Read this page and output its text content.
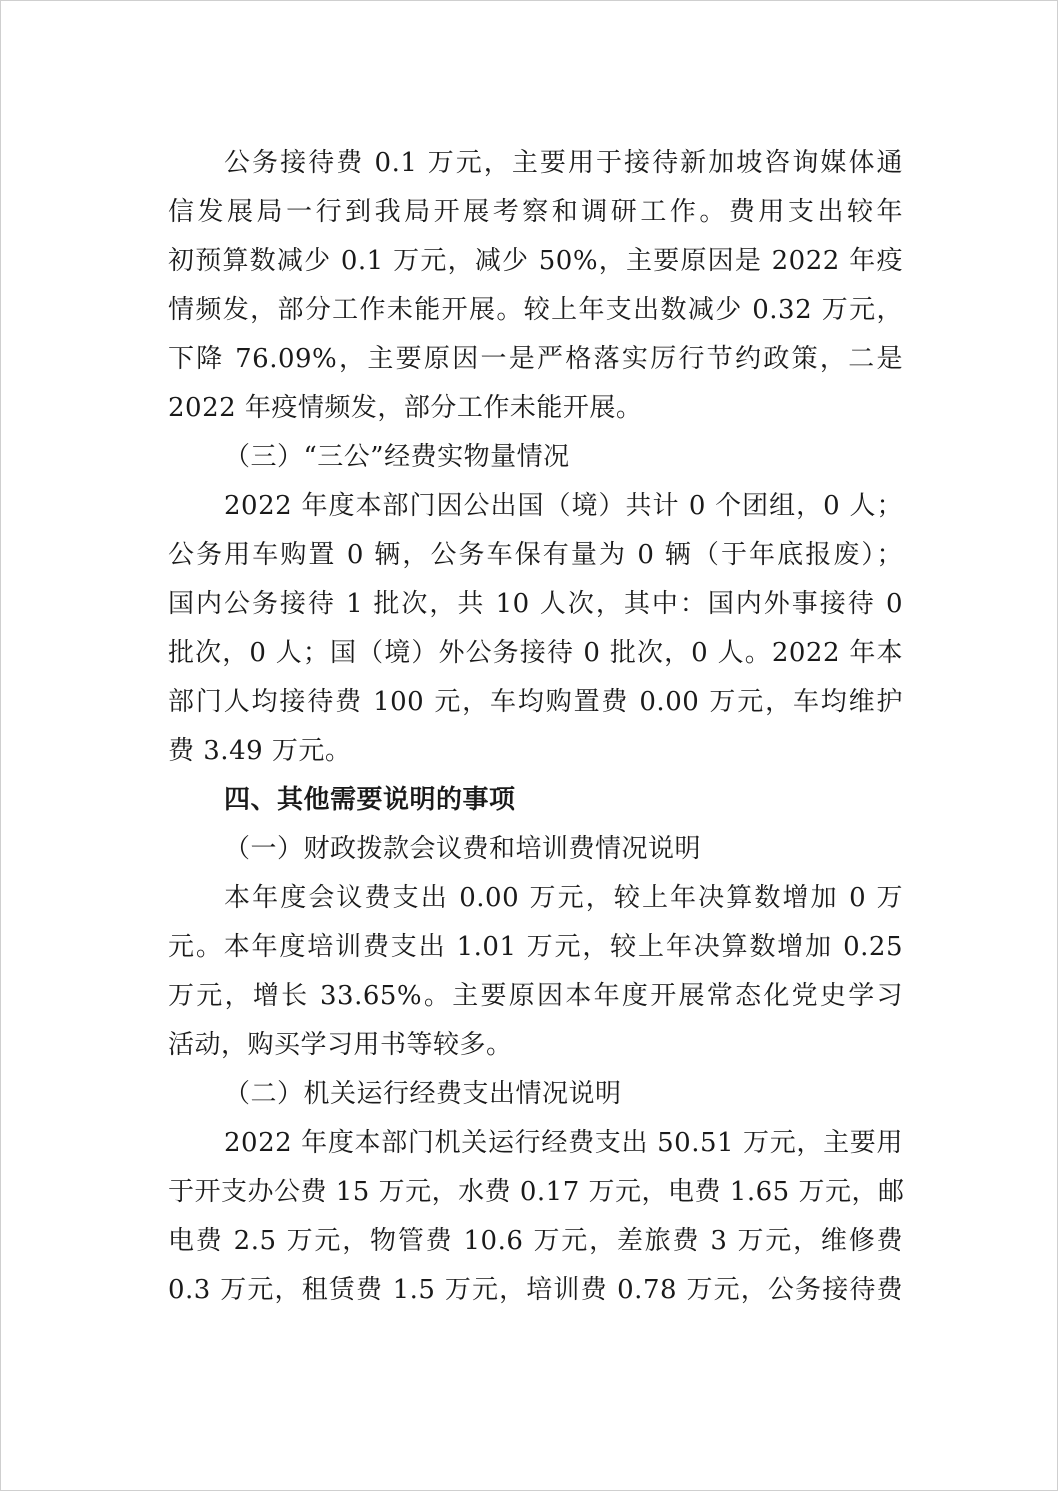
公务接待费 0.1 万元，主要用于接待新加坡咨询媒体通
信发展局一行到我局开展考察和调研工作。费用支出较年
初预算数减少 0.1 万元，减少 50%，主要原因是 2022 年疫
情频发，部分工作未能开展。较上年支出数减少 0.32 万元，
下降 76.09%，主要原因一是严格落实厉行节约政策，二是
2022 年疫情频发，部分工作未能开展。
（三）“三公”经费实物量情况
2022 年度本部门因公出国（境）共计 0 个团组，0 人；
公务用车购置 0 辆，公务车保有量为 0 辆（于年底报废）；
国内公务接待 1 批次，共 10 人次，其中：国内外事接待 0
批次，0 人；国（境）外公务接待 0 批次，0 人。2022 年本
部门人均接待费 100 元，车均购置费 0.00 万元，车均维护
费 3.49 万元。
四、其他需要说明的事项
（一）财政拨款会议费和培训费情况说明
本年度会议费支出 0.00 万元，较上年决算数增加 0 万
元。本年度培训费支出 1.01 万元，较上年决算数增加 0.25
万元，增长 33.65%。主要原因本年度开展常态化党史学习
活动，购买学习用书等较多。
（二）机关运行经费支出情况说明
2022 年度本部门机关运行经费支出 50.51 万元，主要用
于开支办公费 15 万元，水费 0.17 万元，电费 1.65 万元，邮
电费 2.5 万元，物管费 10.6 万元，差旅费 3 万元，维修费
0.3 万元，租赁费 1.5 万元，培训费 0.78 万元，公务接待费
